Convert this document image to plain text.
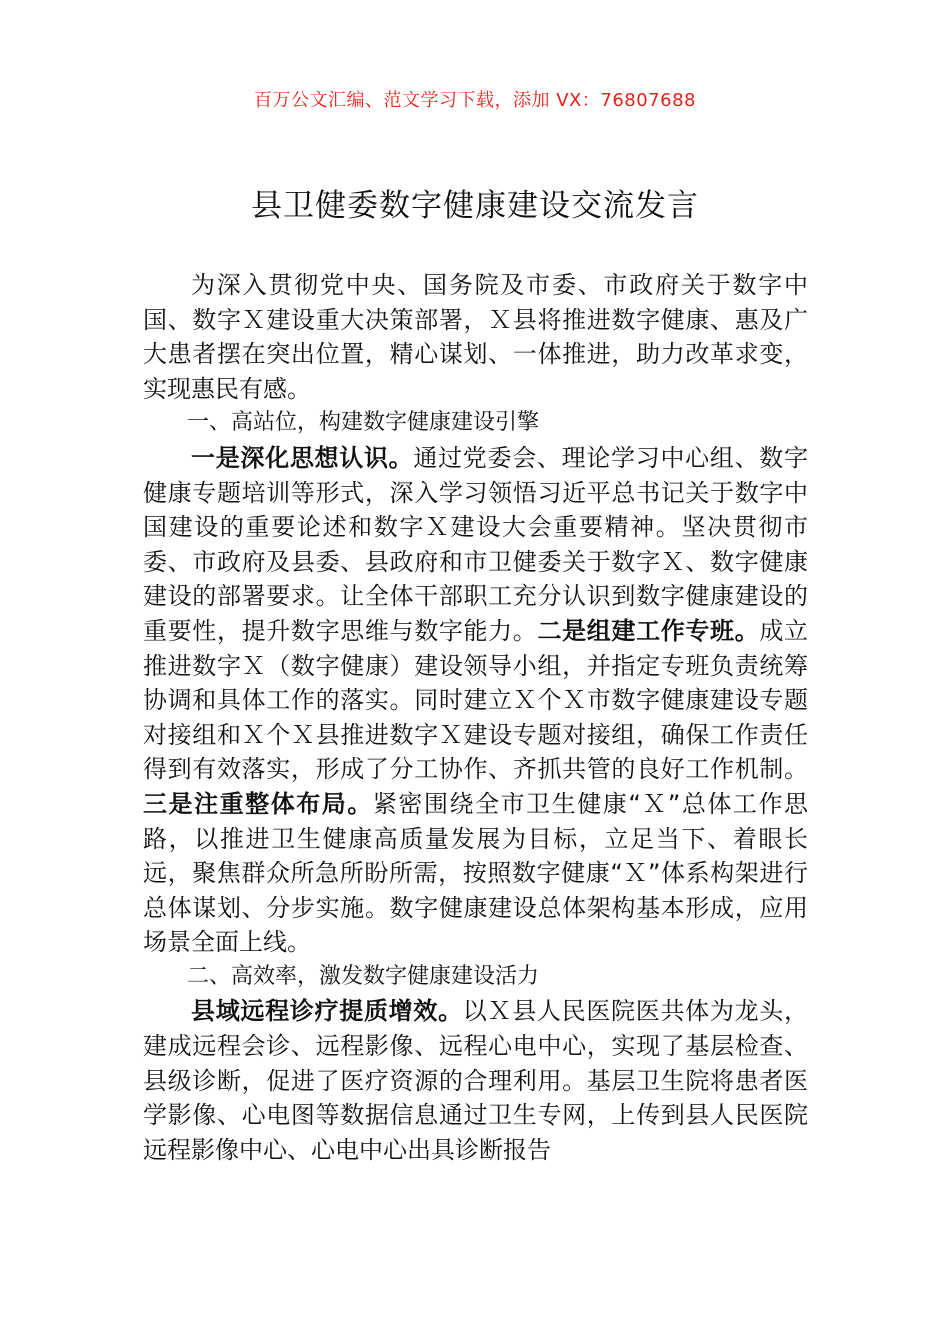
百万公文汇编、范文学习下载，添加 VX：76807688
县卫健委数字健康建设交流发言

为深入贯彻党中央、国务院及市委、市政府关于数字中国、数字Ｘ建设重大决策部署，Ｘ县将推进数字健康、惠及广大患者摆在突出位置，精心谋划、一体推进，助力改革求变，实现惠民有感。

一、高站位，构建数字健康建设引擎

一是深化思想认识。通过党委会、理论学习中心组、数字健康专题培训等形式，深入学习领悟习近平总书记关于数字中国建设的重要论述和数字Ｘ建设大会重要精神。坚决贯彻市委、市政府及县委、县政府和市卫健委关于数字Ｘ、数字健康建设的部署要求。让全体干部职工充分认识到数字健康建设的重要性，提升数字思维与数字能力。二是组建工作专班。成立推进数字Ｘ（数字健康）建设领导小组，并指定专班负责统筹协调和具体工作的落实。同时建立Ｘ个Ｘ市数字健康建设专题对接组和Ｘ个Ｘ县推进数字Ｘ建设专题对接组，确保工作责任得到有效落实，形成了分工协作、齐抓共管的良好工作机制。三是注重整体布局。紧密围绕全市卫生健康“Ｘ”总体工作思路，以推进卫生健康高质量发展为目标，立足当下、着眼长远，聚焦群众所急所盼所需，按照数字健康“Ｘ”体系构架进行总体谋划、分步实施。数字健康建设总体架构基本形成，应用场景全面上线。

二、高效率，激发数字健康建设活力

县域远程诊疗提质增效。以Ｘ县人民医院医共体为龙头，建成远程会诊、远程影像、远程心电中心，实现了基层检查、县级诊断，促进了医疗资源的合理利用。基层卫生院将患者医学影像、心电图等数据信息通过卫生专网，上传到县人民医院远程影像中心、心电中心出具诊断报告
